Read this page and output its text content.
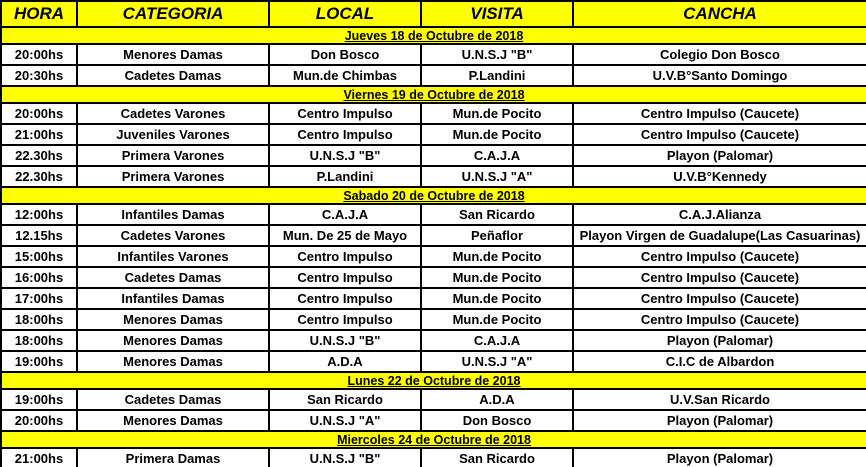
HORA	CATEGORIA	LOCAL	VISITA	CANCHA
Jueves 18 de Octubre de 2018				
20:00hs	Menores Damas	Don Bosco	U.N.S.J "B"	Colegio Don Bosco
20:30hs	Cadetes Damas	Mun.de Chimbas	P.Landini	U.V.B°Santo Domingo
Viernes 19 de Octubre de 2018				
20:00hs	Cadetes Varones	Centro Impulso	Mun.de Pocito	Centro Impulso (Caucete)
21:00hs	Juveniles Varones	Centro Impulso	Mun.de Pocito	Centro Impulso (Caucete)
22.30hs	Primera Varones	U.N.S.J "B"	C.A.J.A	Playon (Palomar)
22.30hs	Primera Varones	P.Landini	U.N.S.J "A"	U.V.B°Kennedy
Sabado 20 de Octubre de 2018				
12:00hs	Infantiles Damas	C.A.J.A	San Ricardo	C.A.J.Alianza
12.15hs	Cadetes Varones	Mun. De 25 de Mayo	Peñaflor	Playon Virgen de Guadalupe(Las Casuarinas)
15:00hs	Infantiles Varones	Centro Impulso	Mun.de Pocito	Centro Impulso (Caucete)
16:00hs	Cadetes Damas	Centro Impulso	Mun.de Pocito	Centro Impulso (Caucete)
17:00hs	Infantiles Damas	Centro Impulso	Mun.de Pocito	Centro Impulso (Caucete)
18:00hs	Menores Damas	Centro Impulso	Mun.de Pocito	Centro Impulso (Caucete)
18:00hs	Menores Damas	U.N.S.J "B"	C.A.J.A	Playon (Palomar)
19:00hs	Menores Damas	A.D.A	U.N.S.J "A"	C.I.C de Albardon
Lunes 22 de Octubre de 2018				
19:00hs	Cadetes Damas	San Ricardo	A.D.A	U.V.San Ricardo
20:00hs	Menores Damas	U.N.S.J "A"	Don Bosco	Playon (Palomar)
Miercoles 24 de Octubre de 2018				
21:00hs	Primera Damas	U.N.S.J "B"	San Ricardo	Playon (Palomar)
